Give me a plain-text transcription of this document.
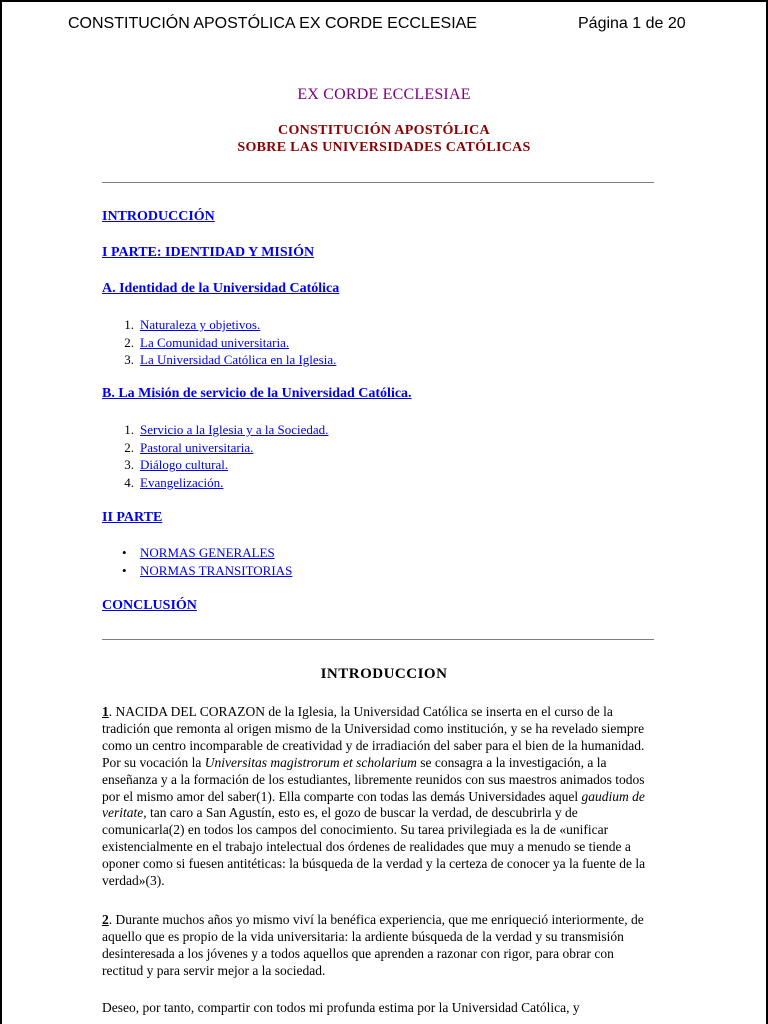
CONSTITUCIÓN APOSTÓLICA EX CORDE ECCLESIAE	Página 1 de 20
EX CORDE ECCLESIAE
CONSTITUCIÓN APOSTÓLICA
SOBRE LAS UNIVERSIDADES CATÓLICAS
INTRODUCCIÓN
I PARTE: IDENTIDAD Y MISIÓN
A. Identidad de la Universidad Católica
1. Naturaleza y objetivos.
2. La Comunidad universitaria.
3. La Universidad Católica en la Iglesia.
B. La Misión de servicio de la Universidad Católica.
1. Servicio a la Iglesia y a la Sociedad.
2. Pastoral universitaria.
3. Diálogo cultural.
4. Evangelización.
II PARTE
• NORMAS GENERALES
• NORMAS TRANSITORIAS
CONCLUSIÓN
INTRODUCCION

1. NACIDA DEL CORAZON de la Iglesia, la Universidad Católica se inserta en el curso de la tradición que remonta al origen mismo de la Universidad como institución, y se ha revelado siempre como un centro incomparable de creatividad y de irradiación del saber para el bien de la humanidad. Por su vocación la Universitas magistrorum et scholarium se consagra a la investigación, a la enseñanza y a la formación de los estudiantes, libremente reunidos con sus maestros animados todos por el mismo amor del saber(1). Ella comparte con todas las demás Universidades aquel gaudium de veritate, tan caro a San Agustín, esto es, el gozo de buscar la verdad, de descubrirla y de comunicarla(2) en todos los campos del conocimiento. Su tarea privilegiada es la de «unificar existencialmente en el trabajo intelectual dos órdenes de realidades que muy a menudo se tiende a oponer como si fuesen antitéticas: la búsqueda de la verdad y la certeza de conocer ya la fuente de la verdad»(3).

2. Durante muchos años yo mismo viví la benéfica experiencia, que me enriqueció interiormente, de aquello que es propio de la vida universitaria: la ardiente búsqueda de la verdad y su transmisión desinteresada a los jóvenes y a todos aquellos que aprenden a razonar con rigor, para obrar con rectitud y para servir mejor a la sociedad.

Deseo, por tanto, compartir con todos mi profunda estima por la Universidad Católica, y
